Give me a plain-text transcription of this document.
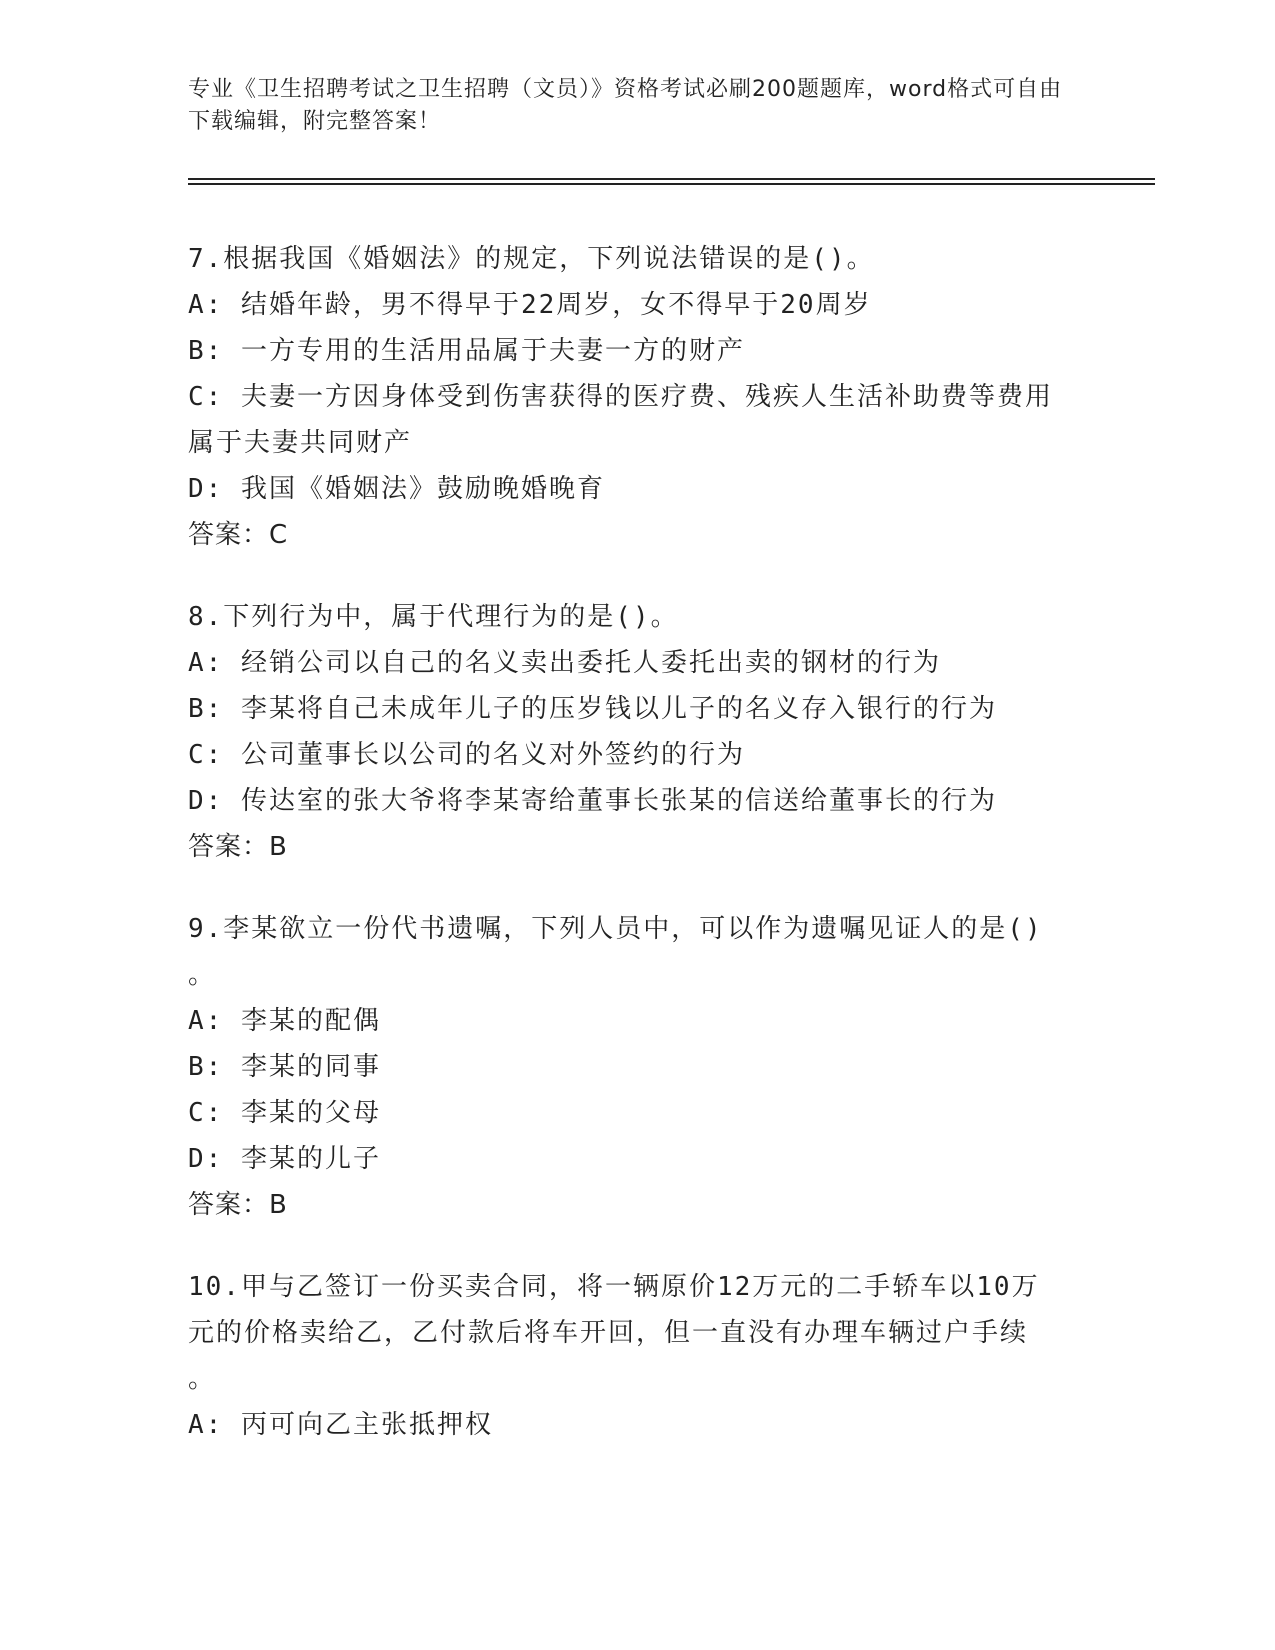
专业《卫生招聘考试之卫生招聘（文员）》资格考试必刷200题题库，word格式可自由下载编辑，附完整答案！
7.根据我国《婚姻法》的规定，下列说法错误的是()。
A: 结婚年龄，男不得早于22周岁，女不得早于20周岁
B: 一方专用的生活用品属于夫妻一方的财产
C: 夫妻一方因身体受到伤害获得的医疗费、残疾人生活补助费等费用
属于夫妻共同财产
D: 我国《婚姻法》鼓励晚婚晚育
答案：C
8.下列行为中，属于代理行为的是()。
A: 经销公司以自己的名义卖出委托人委托出卖的钢材的行为
B: 李某将自己未成年儿子的压岁钱以儿子的名义存入银行的行为
C: 公司董事长以公司的名义对外签约的行为
D: 传达室的张大爷将李某寄给董事长张某的信送给董事长的行为
答案：B
9.李某欲立一份代书遗嘱，下列人员中，可以作为遗嘱见证人的是()
。
A: 李某的配偶
B: 李某的同事
C: 李某的父母
D: 李某的儿子
答案：B
10.甲与乙签订一份买卖合同，将一辆原价12万元的二手轿车以10万
元的价格卖给乙，乙付款后将车开回，但一直没有办理车辆过户手续
。
A: 丙可向乙主张抵押权
